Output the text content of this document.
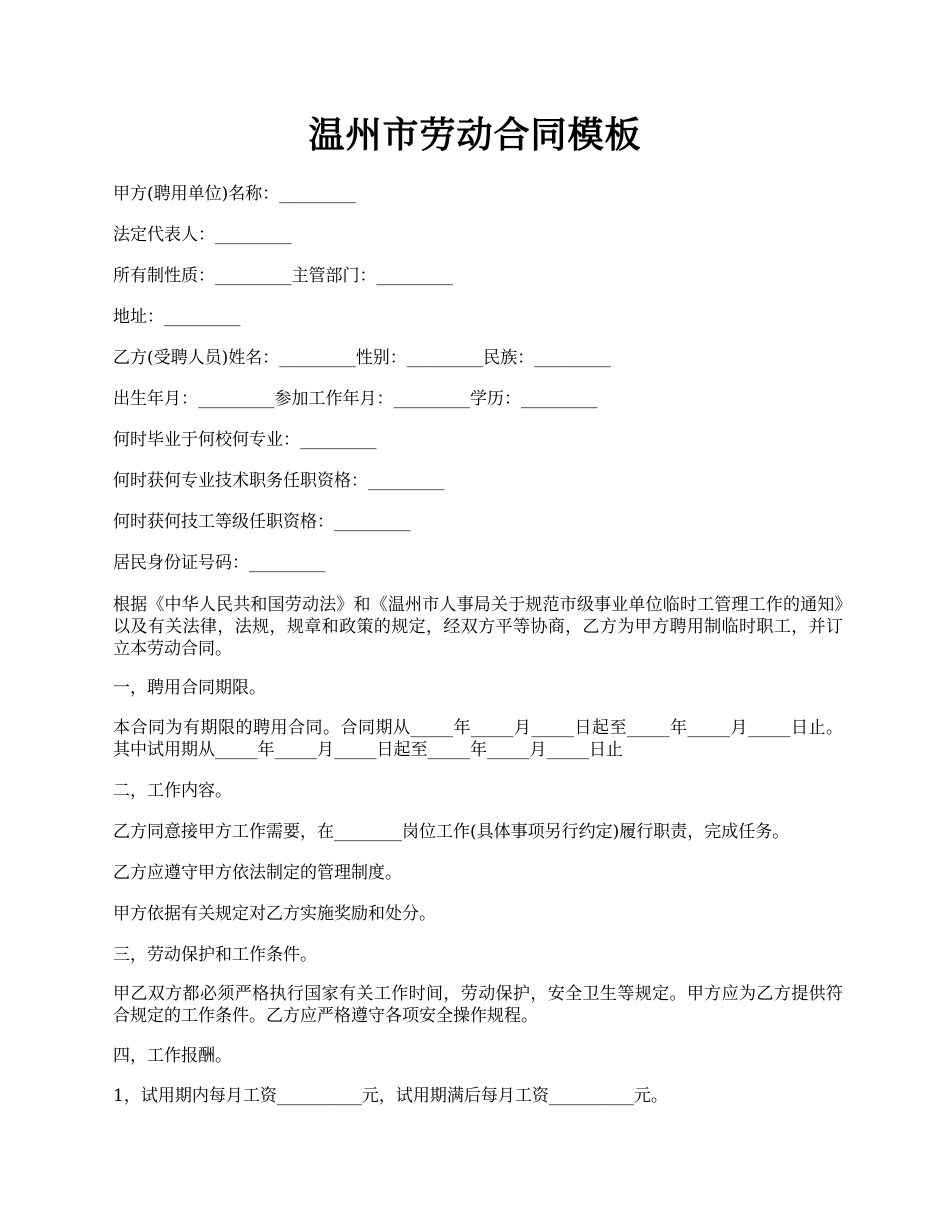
温州市劳动合同模板

甲方(聘用单位)名称：_________

法定代表人：_________

所有制性质：_________主管部门：_________

地址：_________

乙方(受聘人员)姓名：_________性别：_________民族：_________

出生年月：_________参加工作年月：_________学历：_________

何时毕业于何校何专业：_________

何时获何专业技术职务任职资格：_________

何时获何技工等级任职资格：_________

居民身份证号码：_________

根据《中华人民共和国劳动法》和《温州市人事局关于规范市级事业单位临时工管理工作的通知》以及有关法律，法规，规章和政策的规定，经双方平等协商，乙方为甲方聘用制临时职工，并订立本劳动合同。

一，聘用合同期限。

本合同为有期限的聘用合同。合同期从_____年_____月_____日起至_____年_____月_____日止。其中试用期从_____年_____月_____日起至_____年_____月_____日止

二，工作内容。

乙方同意接甲方工作需要，在________岗位工作(具体事项另行约定)履行职责，完成任务。

乙方应遵守甲方依法制定的管理制度。

甲方依据有关规定对乙方实施奖励和处分。

三，劳动保护和工作条件。

甲乙双方都必须严格执行国家有关工作时间，劳动保护，安全卫生等规定。甲方应为乙方提供符合规定的工作条件。乙方应严格遵守各项安全操作规程。

四，工作报酬。

1，试用期内每月工资__________元，试用期满后每月工资__________元。
